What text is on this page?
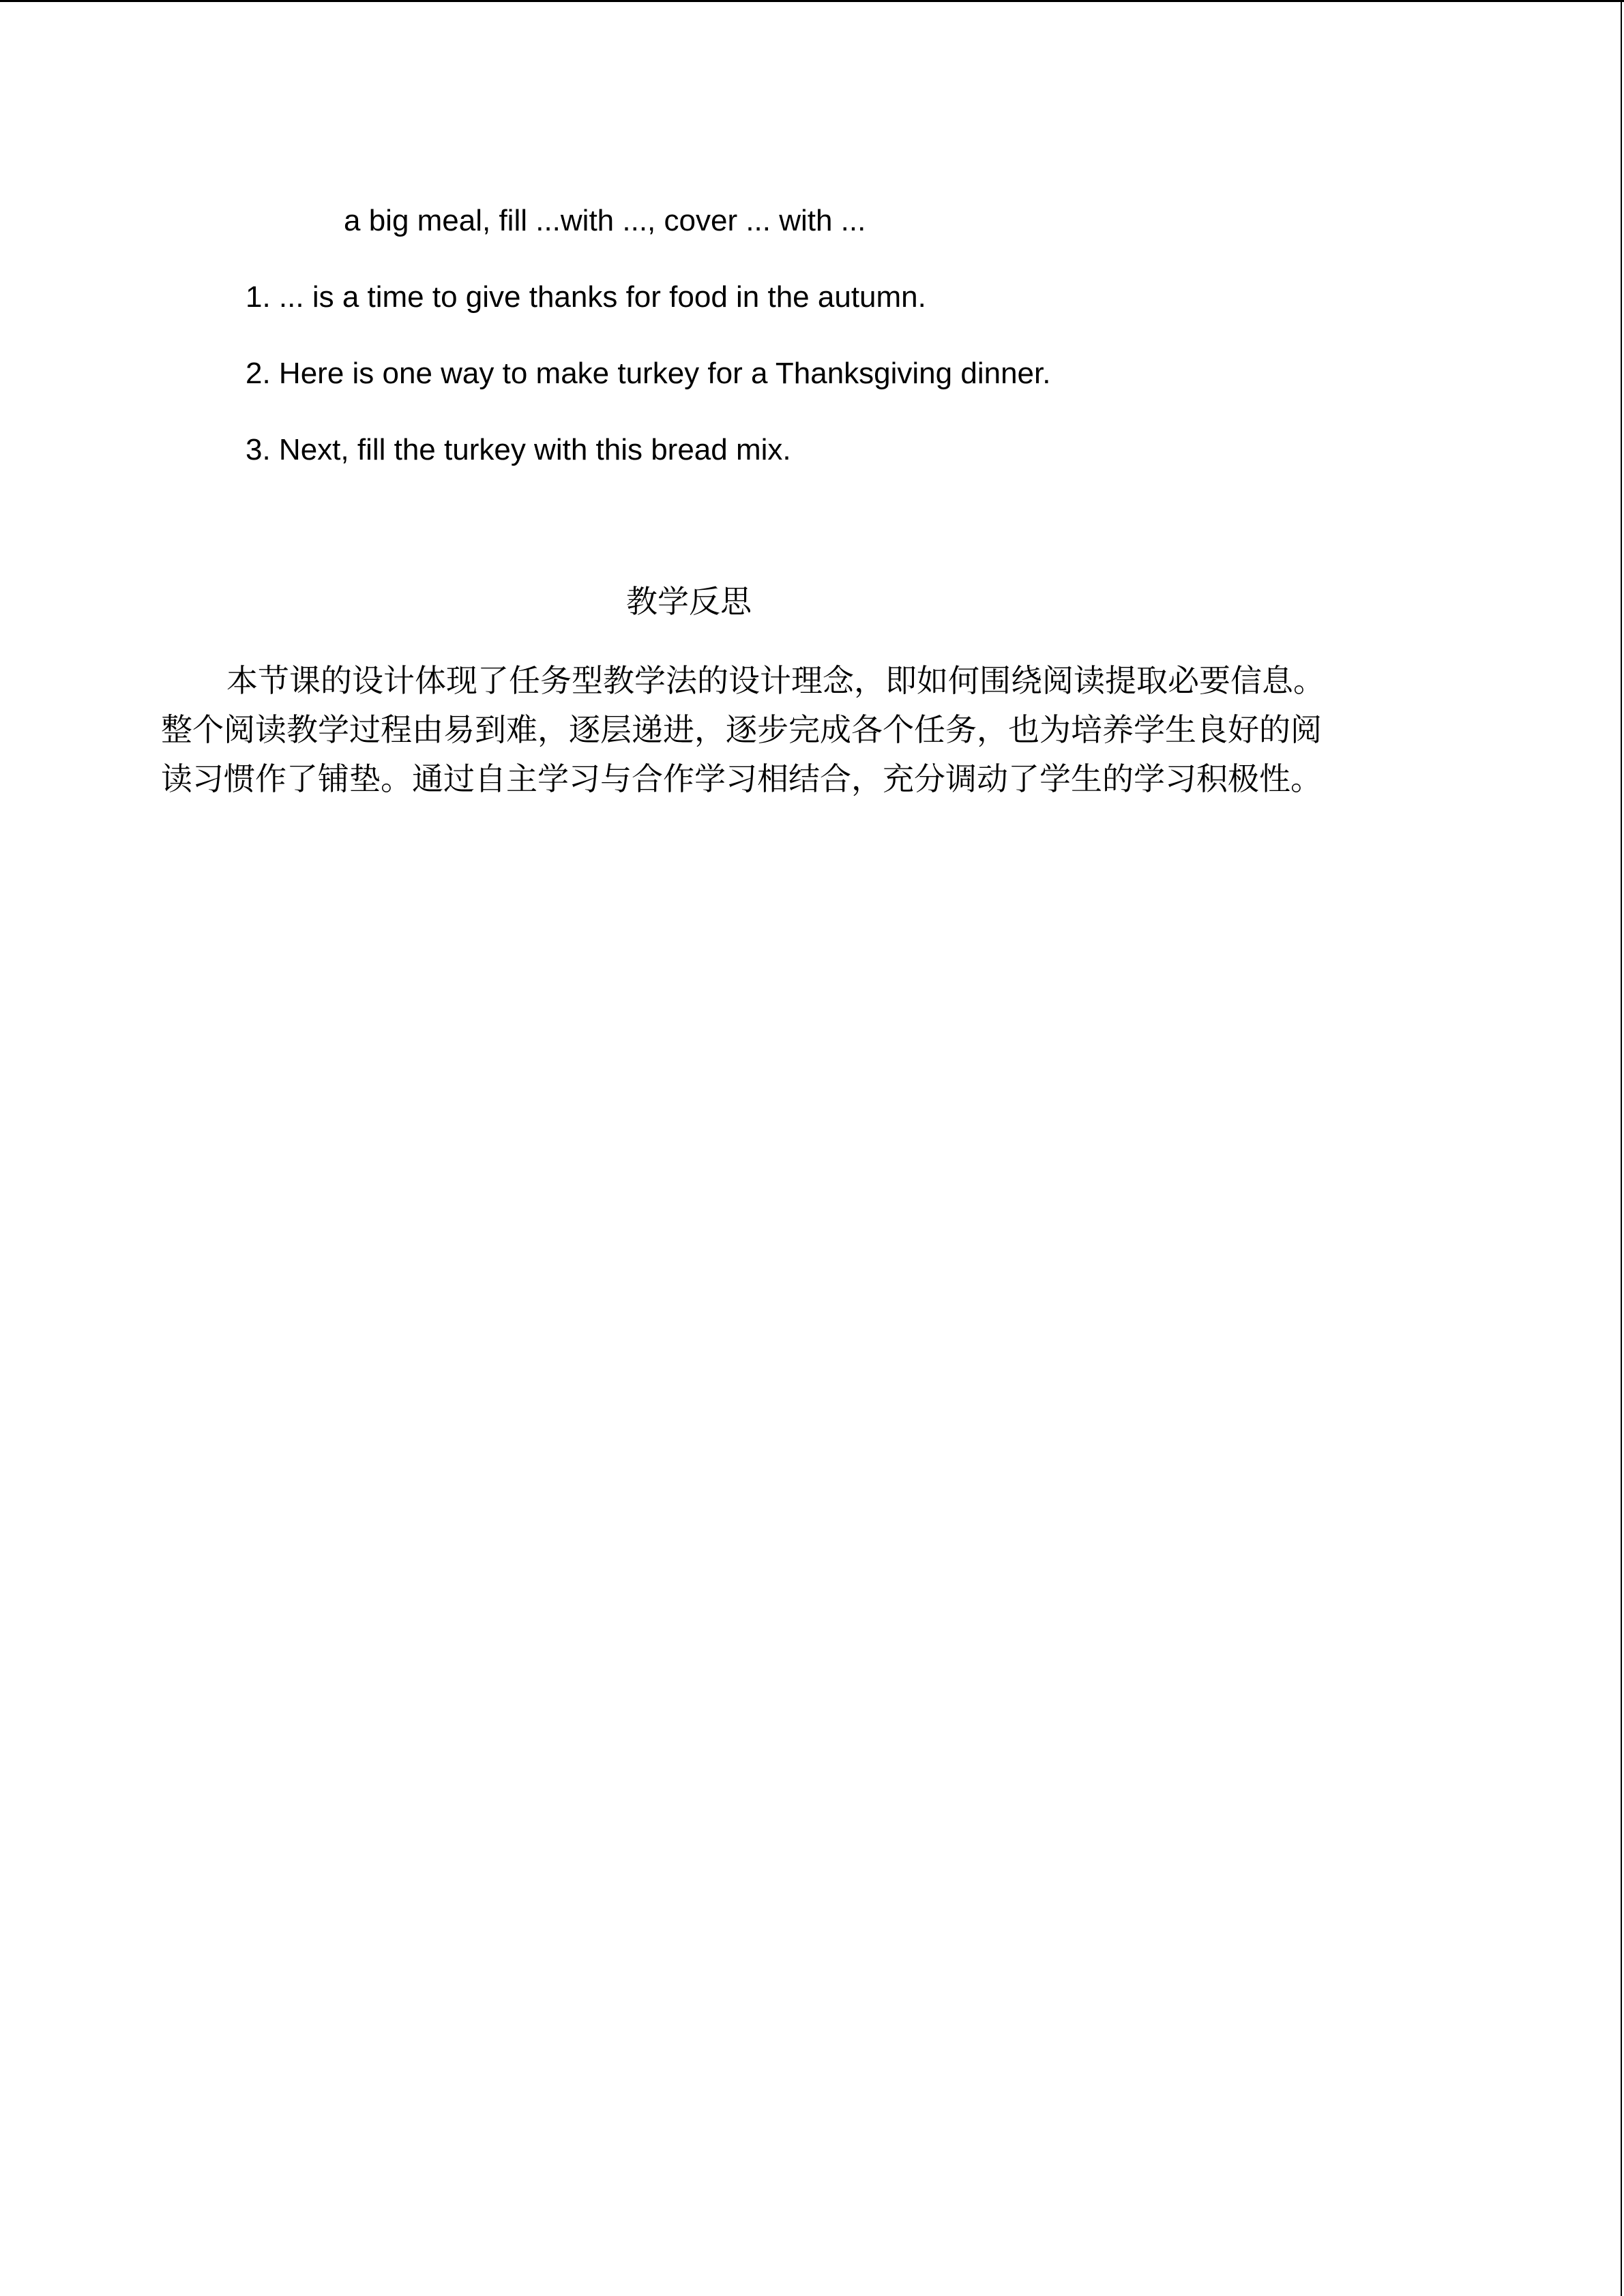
a big meal, fill ...with ..., cover ... with ...
1. ... is a time to give thanks for food in the autumn.
2. Here is one way to make turkey for a Thanksgiving dinner.
3. Next, fill the turkey with this bread mix.
教学反思
本节课的设计体现了任务型教学法的设计理念，即如何围绕阅读提取必要信息。
整个阅读教学过程由易到难，逐层递进，逐步完成各个任务，也为培养学生良好的阅
读习惯作了铺垫。通过自主学习与合作学习相结合，充分调动了学生的学习积极性。
